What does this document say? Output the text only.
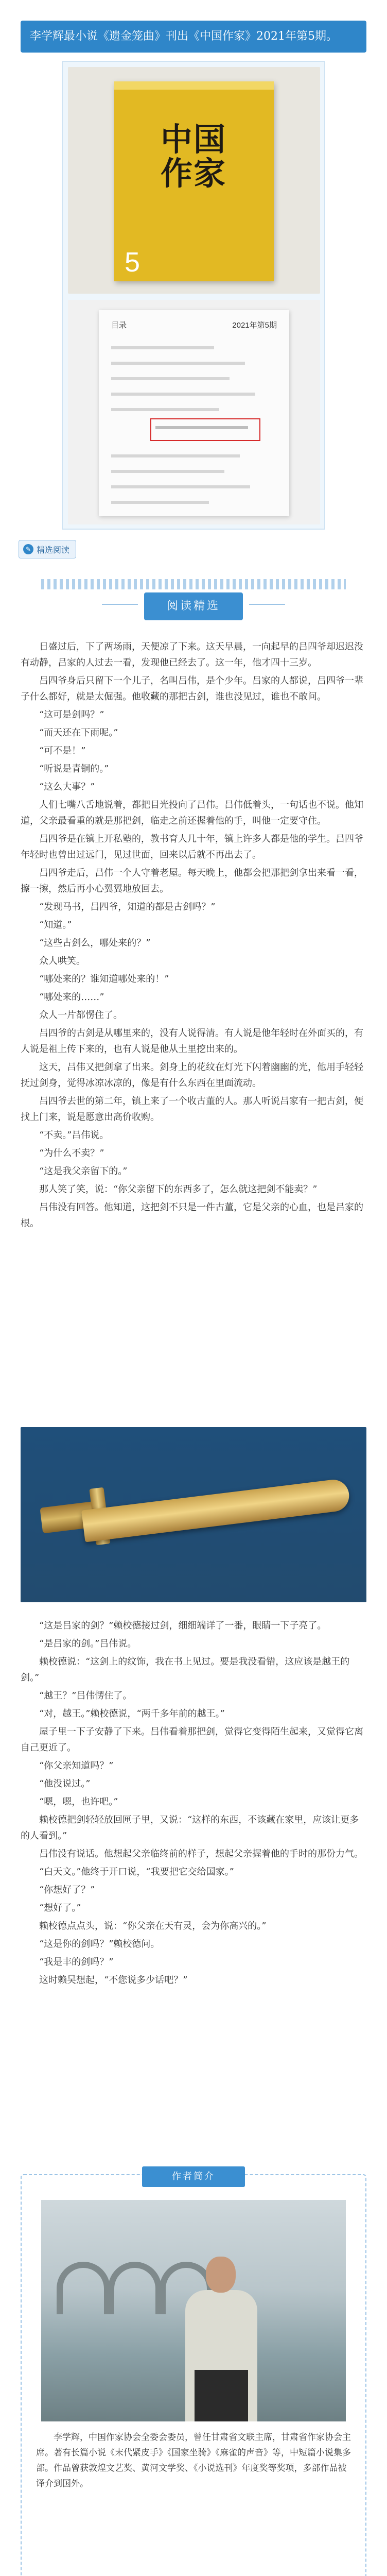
李学辉最小说《遗金笼曲》刊出《中国作家》2021年第5期。
中国作家
5
目录	2021年第5期
✎ 精选阅读
阅读精选

日盛过后，下了两场雨，天便凉了下来。这天早晨，一向起早的吕四爷却迟迟没有动静，吕家的人过去一看，发现他已经去了。这一年，他才四十三岁。

吕四爷身后只留下一个儿子，名叫吕伟，是个少年。吕家的人都说，吕四爷一辈子什么都好，就是太倔强。他收藏的那把古剑，谁也没见过，谁也不敢问。

“这可是剑吗？”

“而天还在下雨呢。”

“可不是！”

“听说是青铜的。”

“这么大事？”

人们七嘴八舌地说着，都把目光投向了吕伟。吕伟低着头，一句话也不说。他知道，父亲最看重的就是那把剑，临走之前还握着他的手，叫他一定要守住。

吕四爷是在镇上开私塾的，教书育人几十年，镇上许多人都是他的学生。吕四爷年轻时也曾出过远门，见过世面，回来以后就不再出去了。

吕四爷走后，吕伟一个人守着老屋。每天晚上，他都会把那把剑拿出来看一看，擦一擦，然后再小心翼翼地放回去。

“发现马书，吕四爷，知道的都是古剑吗？”

“知道。”

“这些古剑么，哪处来的？”

众人哄笑。

“哪处来的？谁知道哪处来的！”

“哪处来的……”

众人一片都愣住了。

吕四爷的古剑是从哪里来的，没有人说得清。有人说是他年轻时在外面买的，有人说是祖上传下来的，也有人说是他从土里挖出来的。

这天，吕伟又把剑拿了出来。剑身上的花纹在灯光下闪着幽幽的光，他用手轻轻抚过剑身，觉得冰凉冰凉的，像是有什么东西在里面流动。

吕四爷去世的第二年，镇上来了一个收古董的人。那人听说吕家有一把古剑，便找上门来，说是愿意出高价收购。

“不卖。”吕伟说。

“为什么不卖？”

“这是我父亲留下的。”

那人笑了笑，说：“你父亲留下的东西多了，怎么就这把剑不能卖？”

吕伟没有回答。他知道，这把剑不只是一件古董，它是父亲的心血，也是吕家的根。

“这是吕家的剑？”赖校德接过剑，细细端详了一番，眼睛一下子亮了。

“是吕家的剑。”吕伟说。

赖校德说：“这剑上的纹饰，我在书上见过。要是我没看错，这应该是越王的剑。”

“越王？”吕伟愣住了。

“对，越王。”赖校德说，“两千多年前的越王。”

屋子里一下子安静了下来。吕伟看着那把剑，觉得它变得陌生起来，又觉得它离自己更近了。

“你父亲知道吗？”

“他没说过。”

“嗯，嗯，也许吧。”

赖校德把剑轻轻放回匣子里，又说：“这样的东西，不该藏在家里，应该让更多的人看到。”

吕伟没有说话。他想起父亲临终前的样子，想起父亲握着他的手时的那份力气。

“白天文。”他终于开口说，“我要把它交给国家。”

“你想好了？”

“想好了。”

赖校德点点头，说：“你父亲在天有灵，会为你高兴的。”

“这是你的剑吗？”赖校德问。

“我是丰的剑吗？”

这时赖吴想起，“不您说多少话吧？”

作者简介
李学辉，中国作家协会全委会委员，曾任甘肃省文联主席，甘肃省作家协会主席。著有长篇小说《末代紧皮手》《国家坐骑》《麻雀的声音》等，中短篇小说集多部。作品曾获敦煌文艺奖、黄河文学奖、《小说选刊》年度奖等奖项，多部作品被译介到国外。
